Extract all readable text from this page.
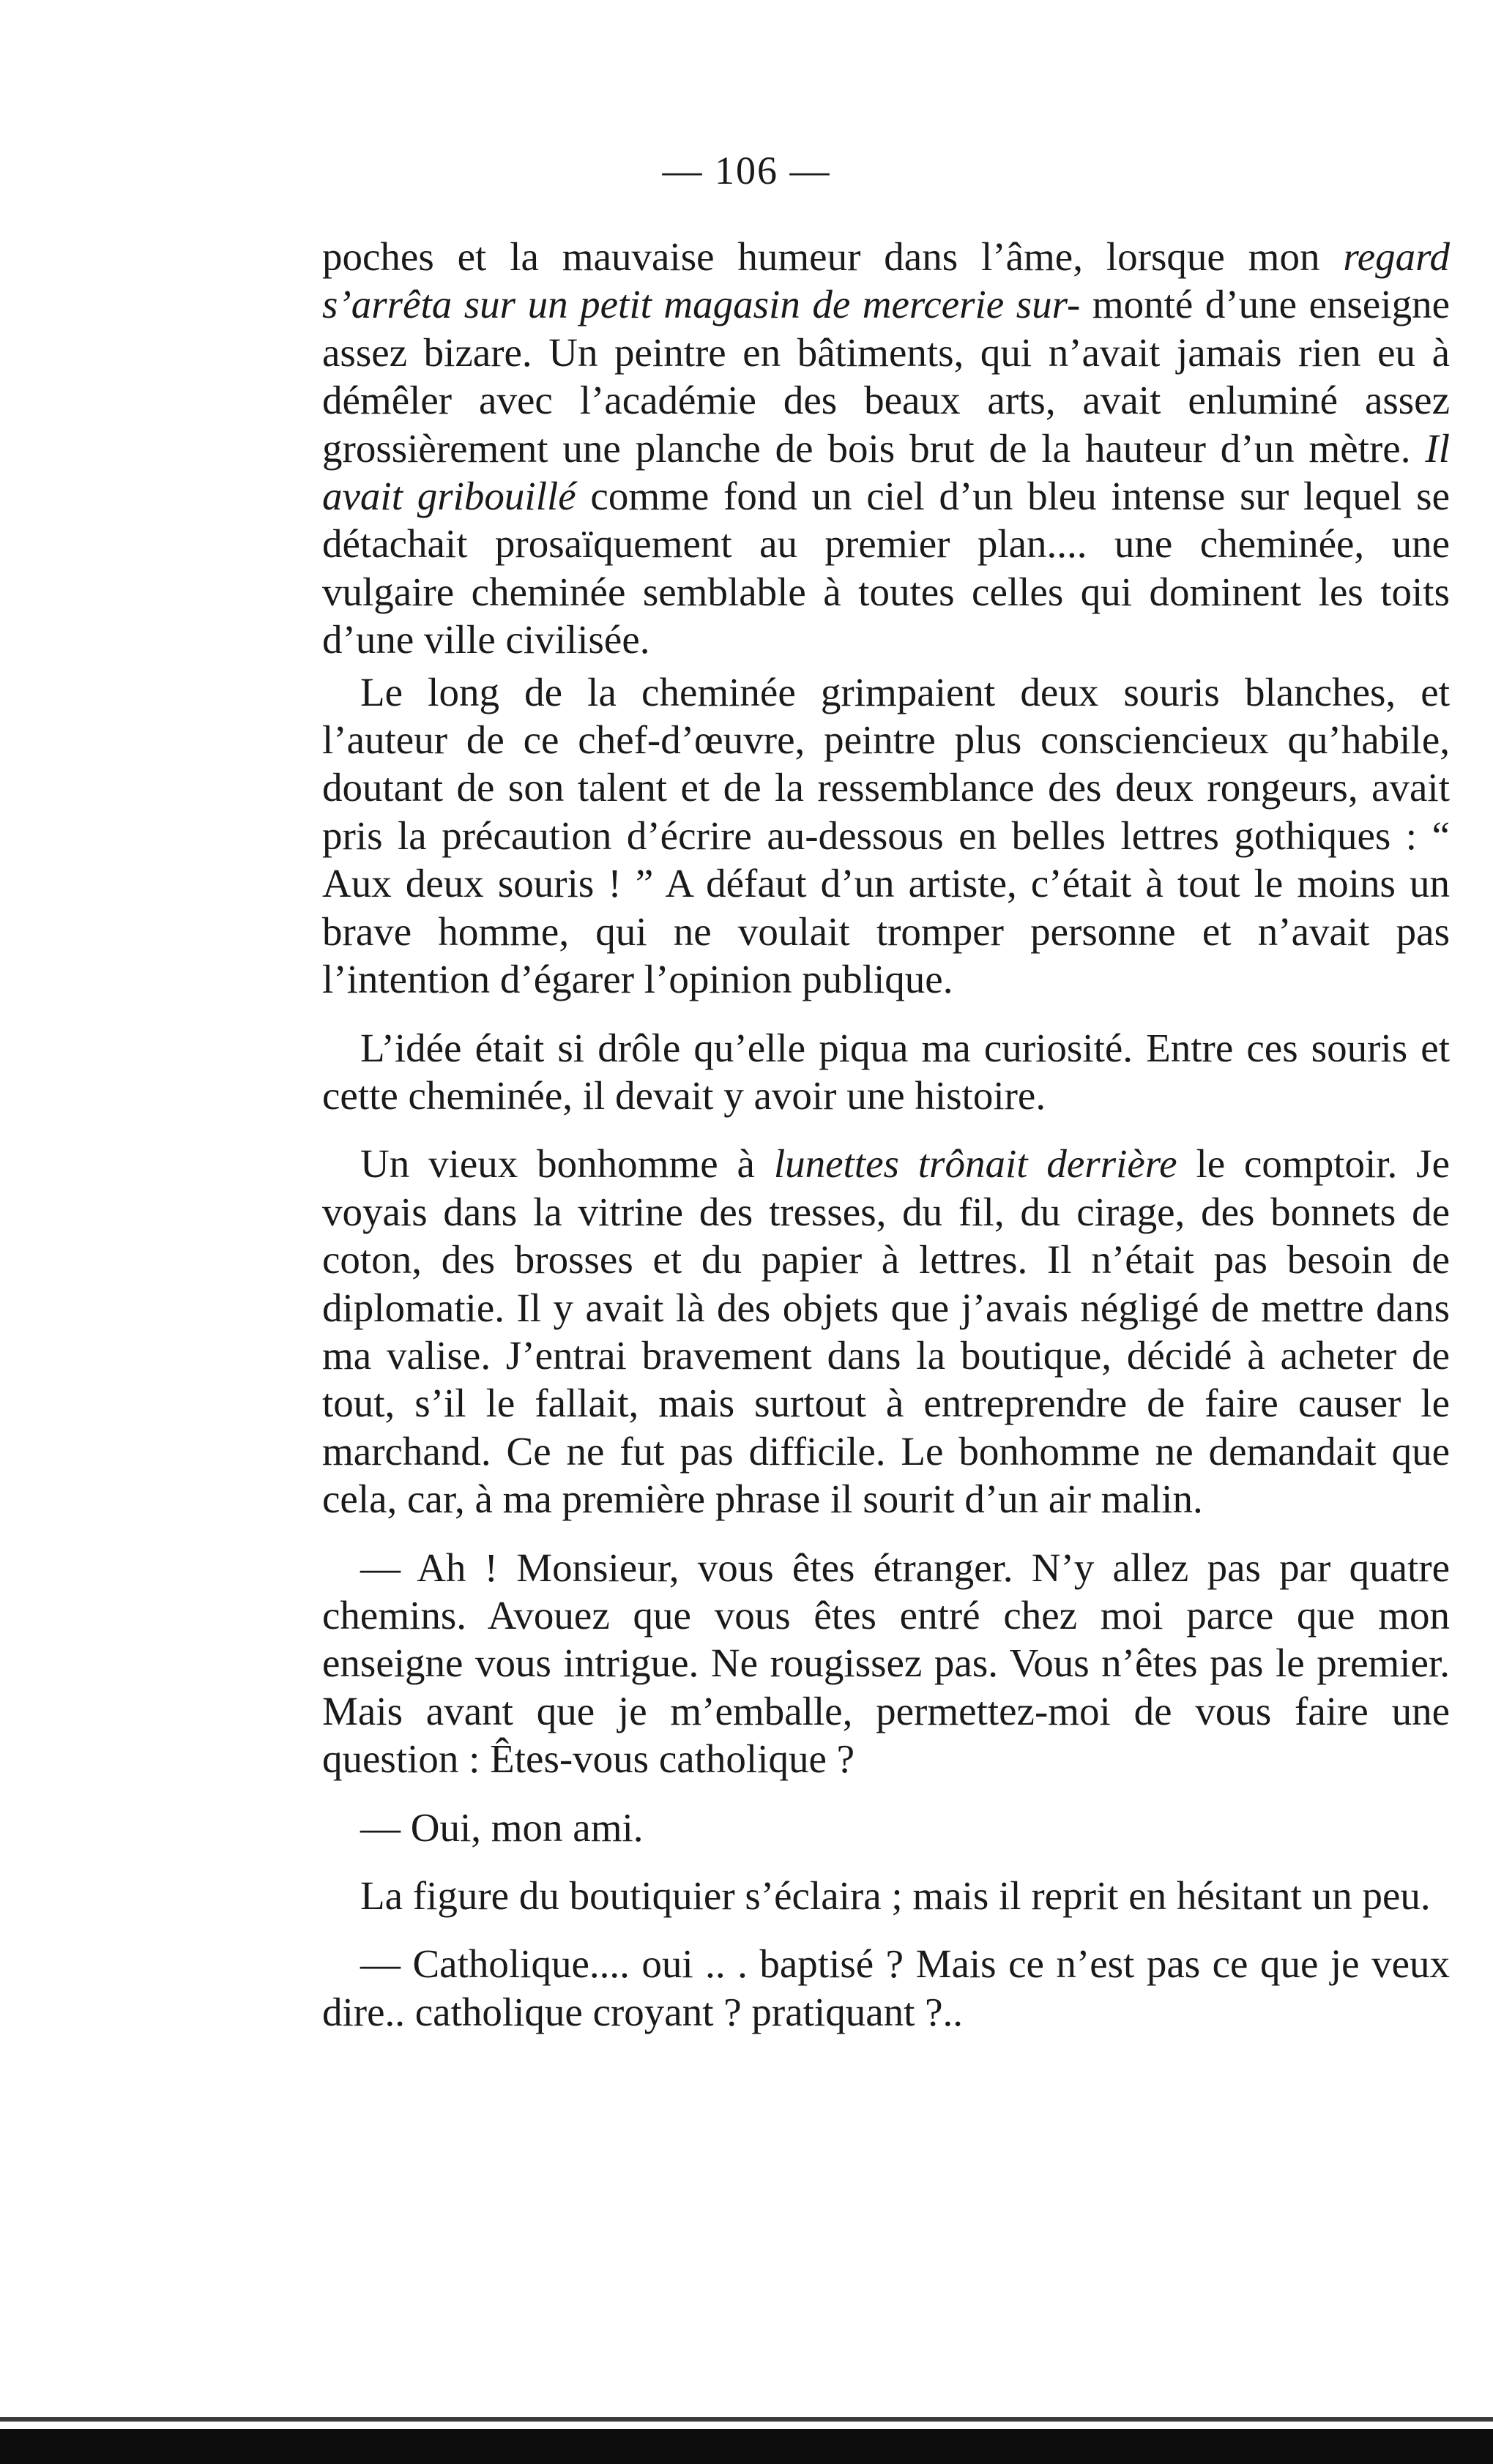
— 106 —

poches et la mauvaise humeur dans l’âme, lorsque mon regard s’arrêta sur un petit magasin de mercerie sur- monté d’une enseigne assez bizare. Un peintre en bâtiments, qui n’avait jamais rien eu à démêler avec l’académie des beaux arts, avait enluminé assez grossièrement une planche de bois brut de la hauteur d’un mètre. Il avait gribouillé comme fond un ciel d’un bleu intense sur lequel se détachait prosaïquement au premier plan.... une cheminée, une vulgaire cheminée semblable à toutes celles qui dominent les toits d’une ville civilisée.

Le long de la cheminée grimpaient deux souris blanches, et l’auteur de ce chef-d’œuvre, peintre plus consciencieux qu’habile, doutant de son talent et de la ressemblance des deux rongeurs, avait pris la précaution d’écrire au-dessous en belles lettres gothiques : “ Aux deux souris ! ” A défaut d’un artiste, c’était à tout le moins un brave homme, qui ne voulait tromper personne et n’avait pas l’intention d’égarer l’opinion publique.

L’idée était si drôle qu’elle piqua ma curiosité. Entre ces souris et cette cheminée, il devait y avoir une histoire.

Un vieux bonhomme à lunettes trônait derrière le comptoir. Je voyais dans la vitrine des tresses, du fil, du cirage, des bonnets de coton, des brosses et du papier à lettres. Il n’était pas besoin de diplomatie. Il y avait là des objets que j’avais négligé de mettre dans ma valise. J’entrai bravement dans la boutique, décidé à acheter de tout, s’il le fallait, mais surtout à entreprendre de faire causer le marchand. Ce ne fut pas difficile. Le bonhomme ne demandait que cela, car, à ma première phrase il sourit d’un air malin.

— Ah ! Monsieur, vous êtes étranger. N’y allez pas par quatre chemins. Avouez que vous êtes entré chez moi parce que mon enseigne vous intrigue. Ne rougissez pas. Vous n’êtes pas le premier. Mais avant que je m’emballe, permettez-moi de vous faire une question : Êtes-vous catholique ?

— Oui, mon ami.

La figure du boutiquier s’éclaira ; mais il reprit en hésitant un peu.

— Catholique.... oui .. . baptisé ? Mais ce n’est pas ce que je veux dire.. catholique croyant ? pratiquant ?..
